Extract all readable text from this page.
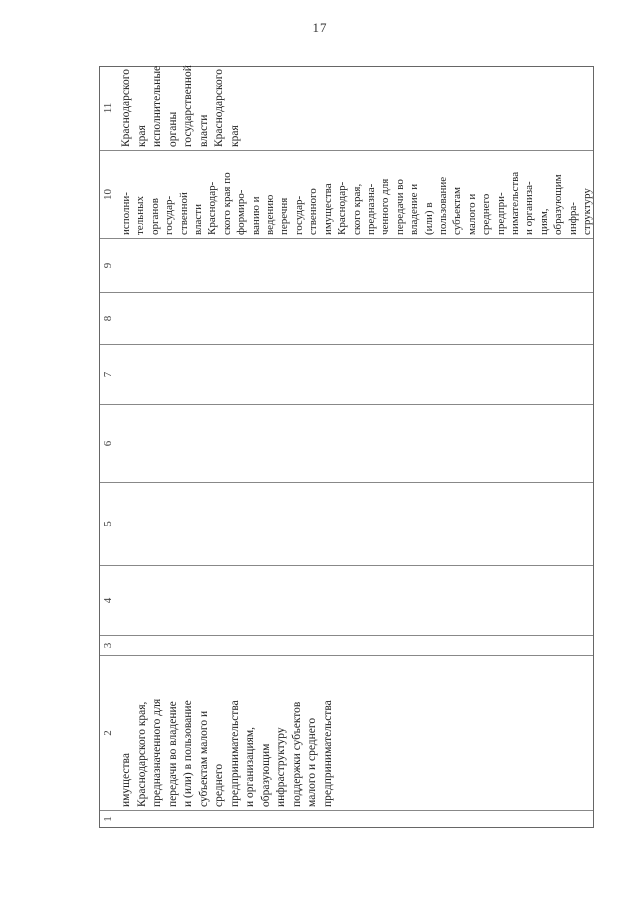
17
1
2
имущества Краснодарского края, предназначенного для передачи во владение и (или) в пользование субъектам малого и среднего предпринимательства и организациям, образующим инфраструктуру поддержки субъектов малого и среднего предпринимательства
3
4
5
6
7
8
9
10 исполни- тельных органов государ- ственной власти Краснодар- ского края по формиро- ванию и ведению перечня государ- ственного имущества Краснодар- ского края, предназна- ченного для передачи во владение и (или) в пользование субъектам малого и среднего предпри- нимательства и организа- циям, образующим инфра- структуру
11 Краснодарского края исполнительные органы государственной власти Краснодарского края
